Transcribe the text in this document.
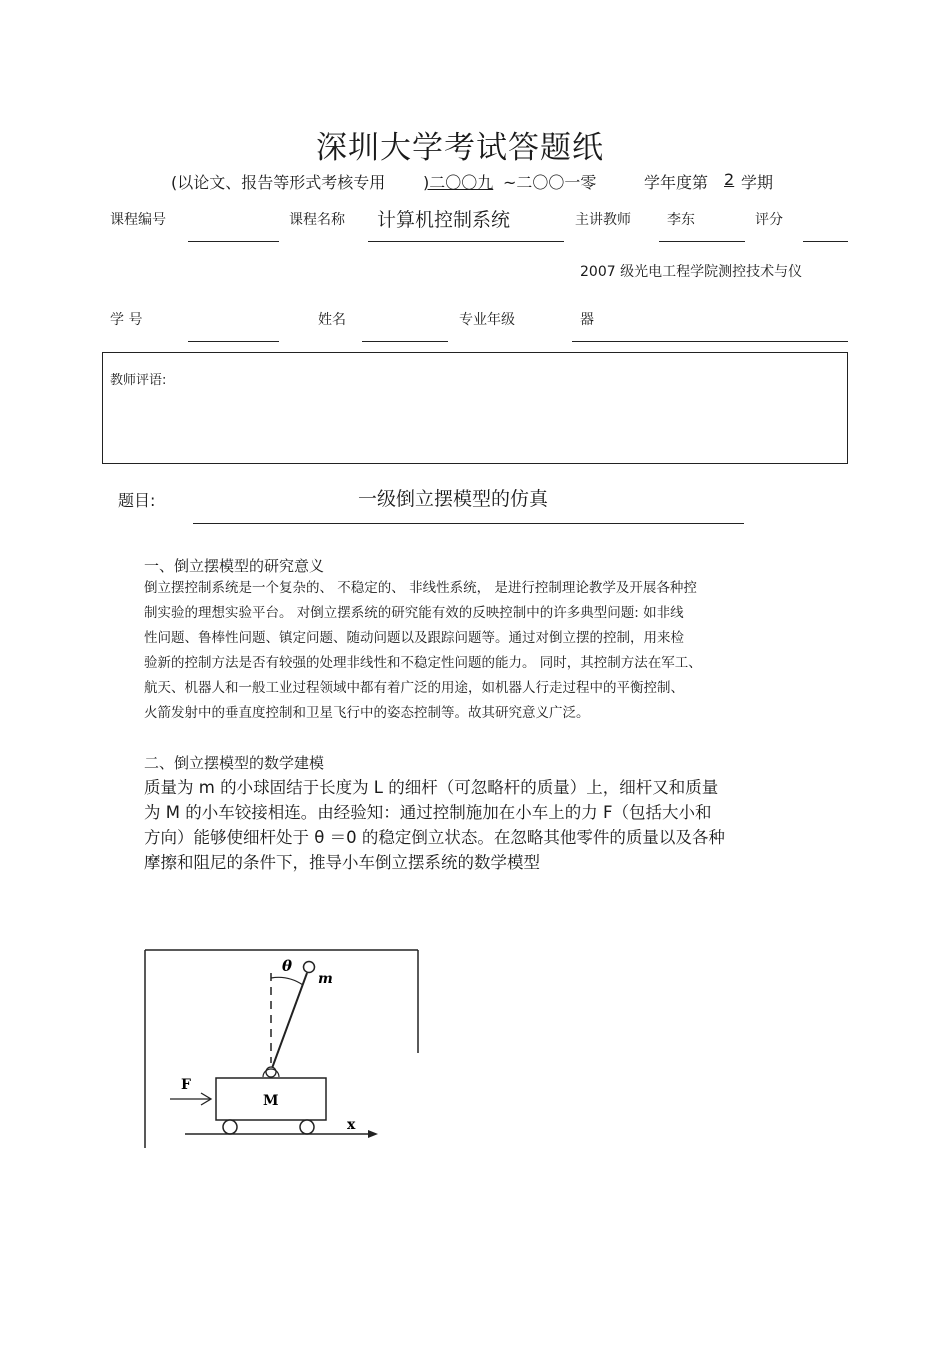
深圳大学考试答题纸
(以论文、报告等形式考核专用 )二〇〇九 ~二〇〇一零	学年度第 2 学期
课程编号	课程名称 计算机控制系统	主讲教师	李东	评分
2007 级光电工程学院测控技术与仪
学 号	姓名	专业年级	器
教师评语:
题目:	一级倒立摆模型的仿真
一、倒立摆模型的研究意义
倒立摆控制系统是一个复杂的、 不稳定的、 非线性系统， 是进行控制理论教学及开展各种控
制实验的理想实验平台。 对倒立摆系统的研究能有效的反映控制中的许多典型问题: 如非线
性问题、鲁棒性问题、镇定问题、随动问题以及跟踪问题等。通过对倒立摆的控制，用来检
验新的控制方法是否有较强的处理非线性和不稳定性问题的能力。 同时，其控制方法在军工、
航天、机器人和一般工业过程领域中都有着广泛的用途，如机器人行走过程中的平衡控制、
火箭发射中的垂直度控制和卫星飞行中的姿态控制等。故其研究意义广泛。
二、倒立摆模型的数学建模
质量为 m 的小球固结于长度为 L 的细杆（可忽略杆的质量）上，细杆又和质量
为 M 的小车铰接相连。由经验知：通过控制施加在小车上的力 F（包括大小和
方向）能够使细杆处于 θ ＝0 的稳定倒立状态。在忽略其他零件的质量以及各种
摩擦和阻尼的条件下，推导小车倒立摆系统的数学模型
θ
m
F
M
x
